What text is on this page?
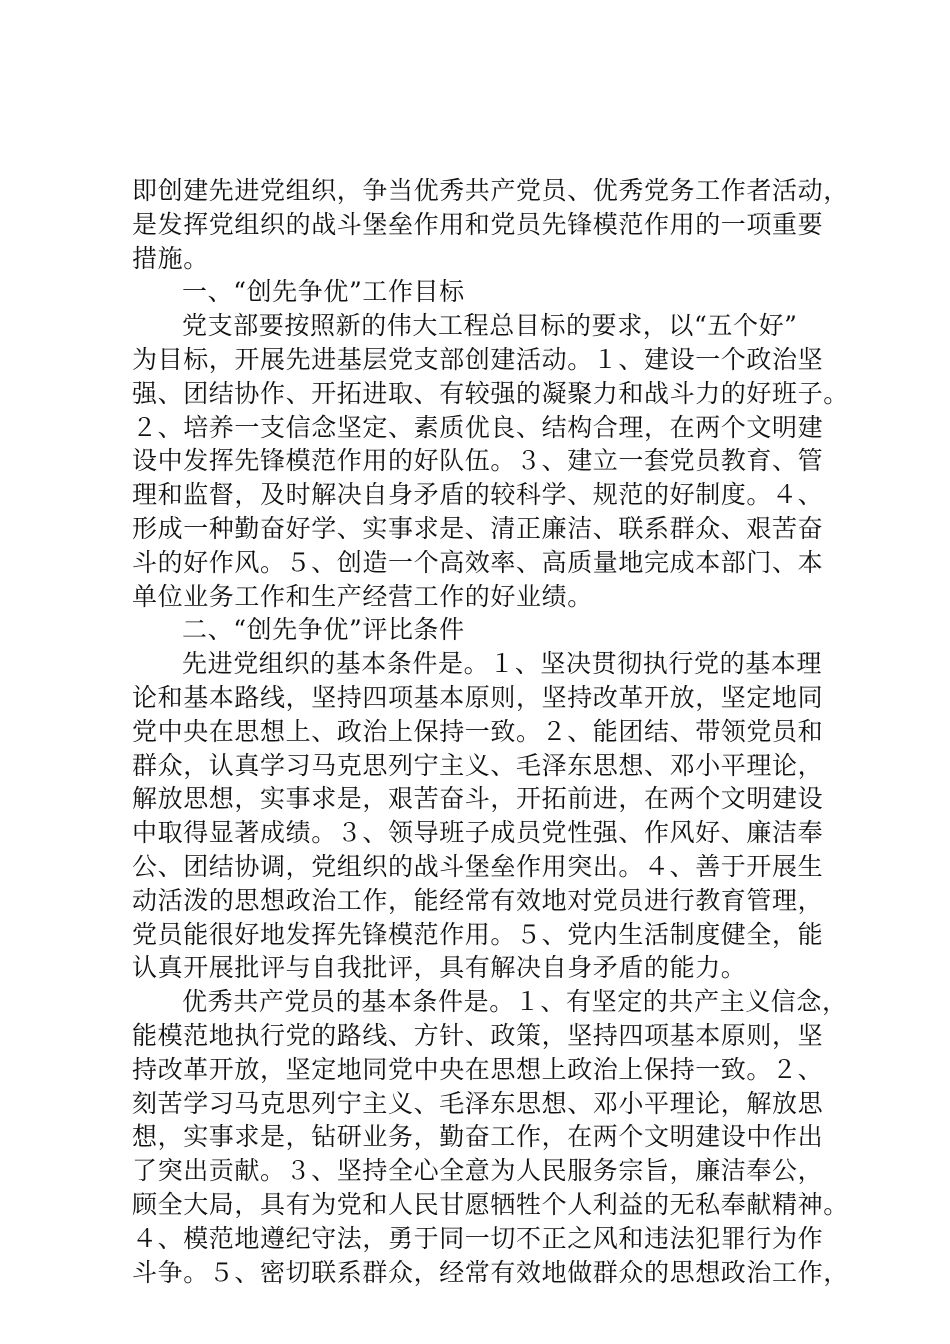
即创建先进党组织，争当优秀共产党员、优秀党务工作者活动，
是发挥党组织的战斗堡垒作用和党员先锋模范作用的一项重要
措施。
一、“创先争优”工作目标
党支部要按照新的伟大工程总目标的要求，以“五个好”
为目标，开展先进基层党支部创建活动。１、建设一个政治坚
强、团结协作、开拓进取、有较强的凝聚力和战斗力的好班子。
２、培养一支信念坚定、素质优良、结构合理，在两个文明建
设中发挥先锋模范作用的好队伍。３、建立一套党员教育、管
理和监督，及时解决自身矛盾的较科学、规范的好制度。４、
形成一种勤奋好学、实事求是、清正廉洁、联系群众、艰苦奋
斗的好作风。５、创造一个高效率、高质量地完成本部门、本
单位业务工作和生产经营工作的好业绩。
二、“创先争优”评比条件
先进党组织的基本条件是。１、坚决贯彻执行党的基本理
论和基本路线，坚持四项基本原则，坚持改革开放，坚定地同
党中央在思想上、政治上保持一致。２、能团结、带领党员和
群众，认真学习马克思列宁主义、毛泽东思想、邓小平理论，
解放思想，实事求是，艰苦奋斗，开拓前进，在两个文明建设
中取得显著成绩。３、领导班子成员党性强、作风好、廉洁奉
公、团结协调，党组织的战斗堡垒作用突出。４、善于开展生
动活泼的思想政治工作，能经常有效地对党员进行教育管理，
党员能很好地发挥先锋模范作用。５、党内生活制度健全，能
认真开展批评与自我批评，具有解决自身矛盾的能力。
优秀共产党员的基本条件是。１、有坚定的共产主义信念，
能模范地执行党的路线、方针、政策，坚持四项基本原则，坚
持改革开放，坚定地同党中央在思想上政治上保持一致。２、
刻苦学习马克思列宁主义、毛泽东思想、邓小平理论，解放思
想，实事求是，钻研业务，勤奋工作，在两个文明建设中作出
了突出贡献。３、坚持全心全意为人民服务宗旨，廉洁奉公，
顾全大局，具有为党和人民甘愿牺牲个人利益的无私奉献精神。
４、模范地遵纪守法，勇于同一切不正之风和违法犯罪行为作
斗争。５、密切联系群众，经常有效地做群众的思想政治工作，
